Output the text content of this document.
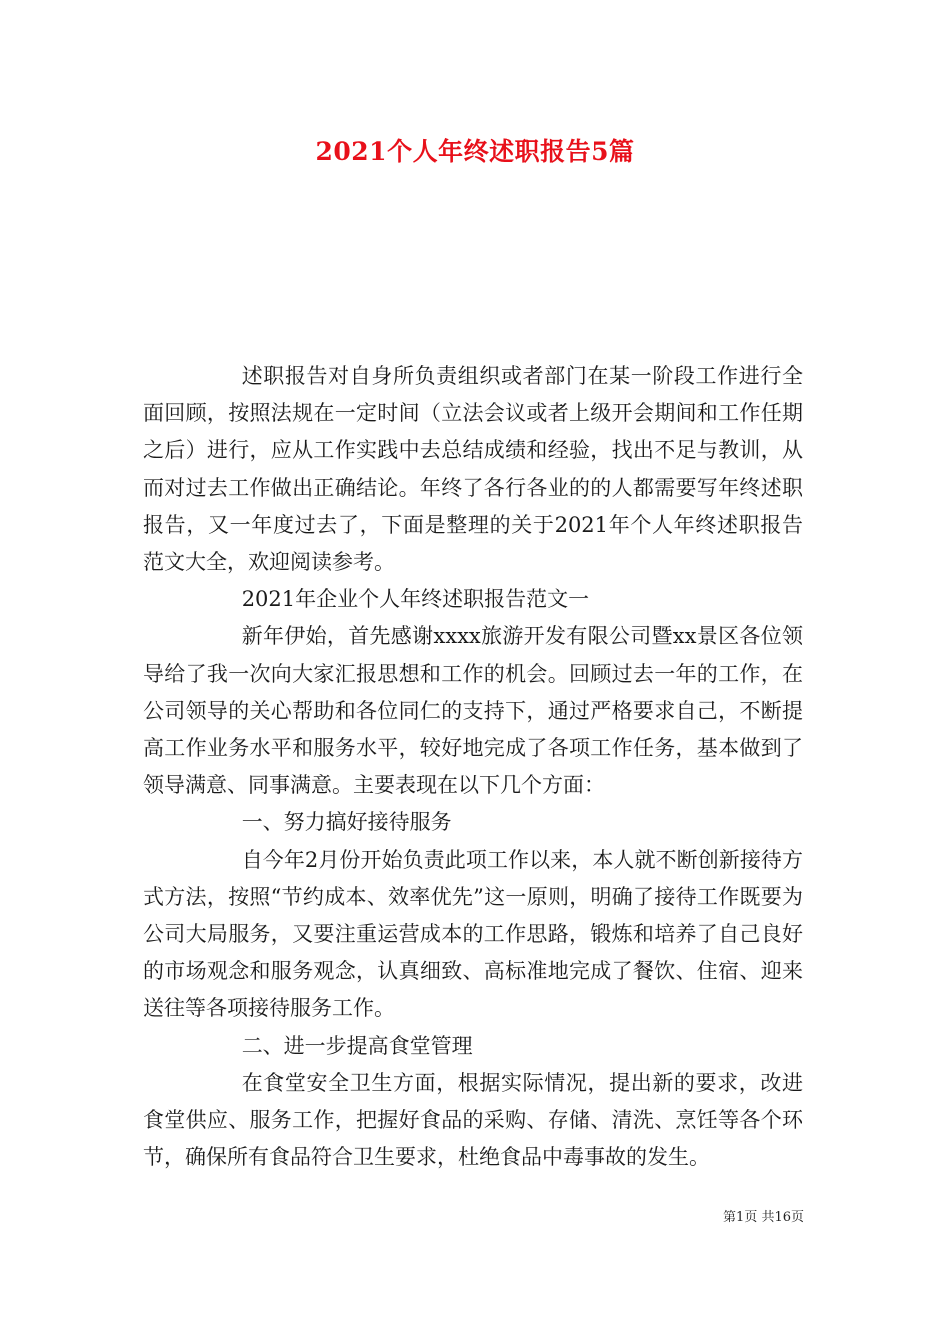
2021个人年终述职报告5篇

述职报告对自身所负责组织或者部门在某一阶段工作进行全面回顾，按照法规在一定时间（立法会议或者上级开会期间和工作任期之后）进行，应从工作实践中去总结成绩和经验，找出不足与教训，从而对过去工作做出正确结论。年终了各行各业的的人都需要写年终述职报告，又一年度过去了，下面是整理的关于2021年个人年终述职报告范文大全，欢迎阅读参考。

2021年企业个人年终述职报告范文一

新年伊始，首先感谢xxxx旅游开发有限公司暨xx景区各位领导给了我一次向大家汇报思想和工作的机会。回顾过去一年的工作，在公司领导的关心帮助和各位同仁的支持下，通过严格要求自己，不断提高工作业务水平和服务水平，较好地完成了各项工作任务，基本做到了领导满意、同事满意。主要表现在以下几个方面：

一、努力搞好接待服务

自今年2月份开始负责此项工作以来，本人就不断创新接待方式方法，按照“节约成本、效率优先”这一原则，明确了接待工作既要为公司大局服务，又要注重运营成本的工作思路，锻炼和培养了自己良好的市场观念和服务观念，认真细致、高标准地完成了餐饮、住宿、迎来送往等各项接待服务工作。

二、进一步提高食堂管理

在食堂安全卫生方面，根据实际情况，提出新的要求，改进食堂供应、服务工作，把握好食品的采购、存储、清洗、烹饪等各个环节，确保所有食品符合卫生要求，杜绝食品中毒事故的发生。

第1页 共16页
